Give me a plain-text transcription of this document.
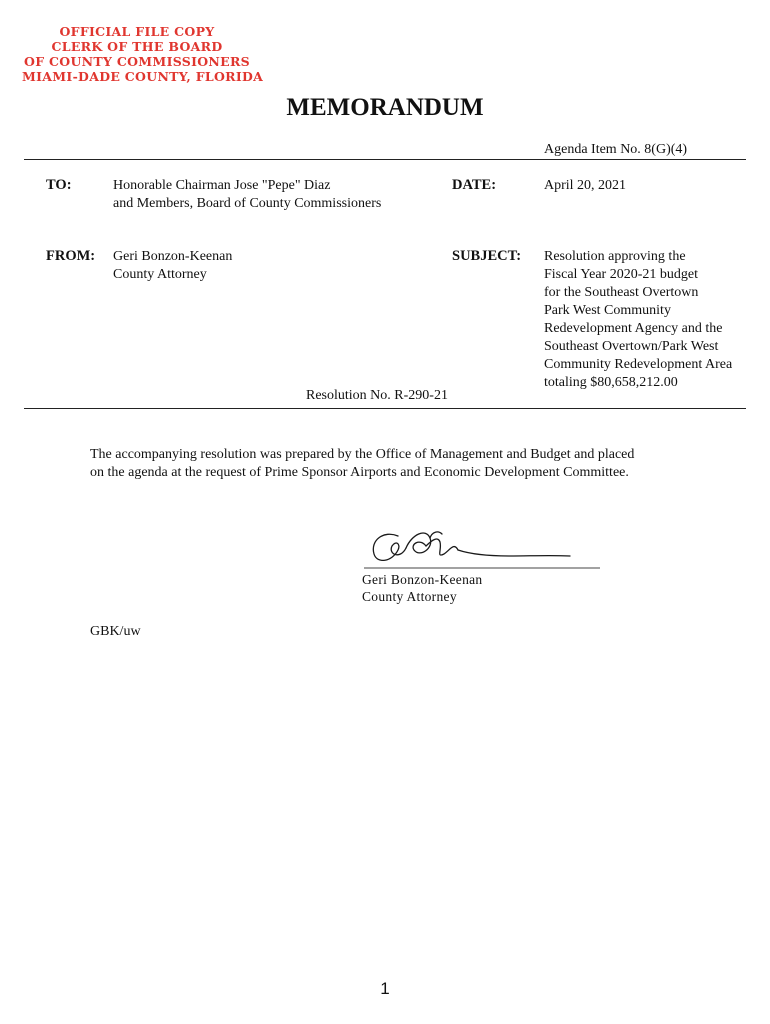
OFFICIAL FILE COPY
CLERK OF THE BOARD
OF COUNTY COMMISSIONERS
MIAMI-DADE COUNTY, FLORIDA
MEMORANDUM
Agenda Item No. 8(G)(4)
TO:	Honorable Chairman Jose "Pepe" Diaz
and Members, Board of County Commissioners
DATE:	April 20, 2021
FROM: Geri Bonzon-Keenan
County Attorney
SUBJECT: Resolution approving the
Fiscal Year 2020-21 budget
for the Southeast Overtown
Park West Community
Redevelopment Agency and the
Southeast Overtown/Park West
Community Redevelopment Area
totaling $80,658,212.00
Resolution No. R-290-21
The accompanying resolution was prepared by the Office of Management and Budget and placed
on the agenda at the request of Prime Sponsor Airports and Economic Development Committee.
Geri Bonzon-Keenan
County Attorney
GBK/uw
1
